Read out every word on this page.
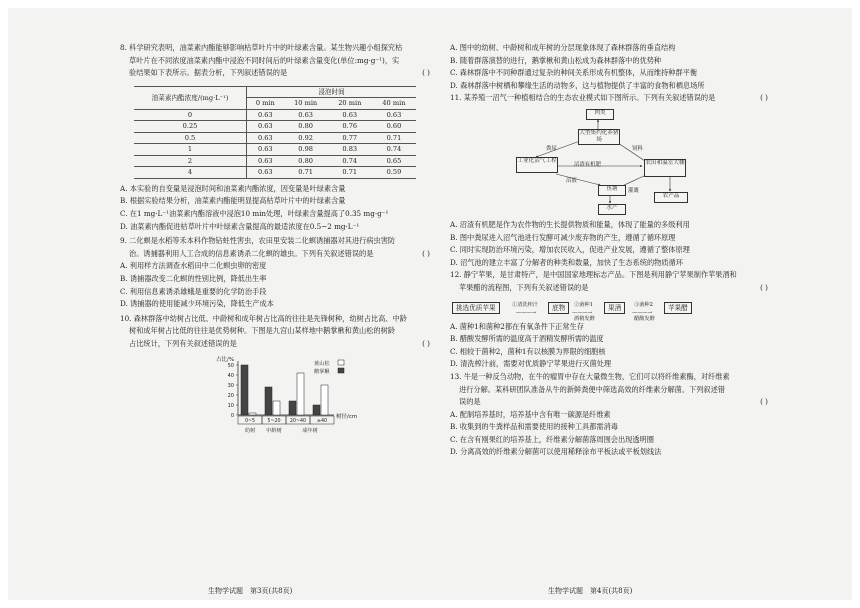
8. 科学研究表明，油菜素内酯能够影响枯草叶片中的叶绿素含量。某生物兴趣小组探究枯

草叶片在不同浓度油菜素内酯中浸泡不同时间后的叶绿素含量变化(单位:mg·g⁻¹)，实

验结果如下表所示。据表分析，下列叙述错误的是	( )

油菜素内酯浓度/(mg·L⁻¹)	浸泡时间			
	0 min	10 min	20 min	40 min
0	0.63	0.63	0.63	0.63
0.25	0.63	0.80	0.76	0.60
0.5	0.63	0.92	0.77	0.71
1	0.63	0.98	0.83	0.74
2	0.63	0.80	0.74	0.65
4	0.63	0.71	0.71	0.59

A. 本实验的自变量是浸泡时间和油菜素内酯浓度，因变量是叶绿素含量

B. 根据实验结果分析，油菜素内酯能明显提高枯草叶片中的叶绿素含量

C. 在1 mg·L⁻¹油菜素内酯溶液中浸泡10 min处理，叶绿素含量提高了0.35 mg·g⁻¹

D. 油菜素内酯促进枯草叶片中叶绿素含量提高的最适浓度在0.5~2 mg·L⁻¹

9. 二化螟是水稻等禾本科作物钻蛀性害虫，农田里安装二化螟诱捕器对其进行病虫害防

治。诱捕器利用人工合成的信息素诱杀二化螟的雄虫。下列有关叙述错误的是	( )

A. 利用样方法调查水稻田中二化螟虫卵的密度

B. 诱捕器改变二化螟的性别比例，降低出生率

C. 利用信息素诱杀雄蛾是重要的化学防治手段

D. 诱捕器的使用能减少环境污染，降低生产成本

10. 森林群落中幼树占比低、中龄树和成年树占比高的往往是先锋树种，幼树占比高、中龄

树和成年树占比低的往往是优势树种。下图是九宫山某样地中鹅掌楸和黄山松的树龄

占比统计，下列有关叙述错误的是	( )

占比/%
树径/cm
0
10
20
30
40
50
0~5	5~20 20~40 ≥40
幼树 中龄树	成年树
黄山松
鹅掌楸

A. 图中的幼树、中龄树和成年树的分层现象体现了森林群落的垂直结构

B. 随着群落演替的进行，鹅掌楸和黄山松成为森林群落中的优势种

C. 森林群落中不同种群通过复杂的种间关系形成有机整体，从而维持种群平衡

D. 森林群落中树栖和攀缘生活的动物多，这与植物提供了丰富的食物和栖息场所

11. 某养殖一沼气一种植相结合的生态农业模式如下图所示。下列有关叙述错误的是	( )

肉类
大型集约化养猪场
工业化沼气工程	农田和温室大棚
鱼塘
水产
农产品
粪尿	饲料
沼渣有机肥
沼液
灌溉

A. 沼渣有机肥是作为农作物的生长提供物质和能量，体现了能量的多级利用

B. 图中粪尿进入沼气池进行发酵可减少废弃物的产生，遵循了循环原理

C. 同时实现防治环境污染，增加农民收入，促进产业发展，遵循了整体原理

D. 沼气池的建立丰富了分解者的种类和数量，加快了生态系统的物质循环

12. 静宁苹果，是甘肃特产，是中国国家地理标志产品。下图是利用静宁苹果制作苹果酒和

苹果醋的流程图，下列有关叙述错误的是	( )

挑选优质苹果	①清洗榨汁
———→
底物	②菌种1
———→
酒精发酵
果酒	③菌种2
———→
醋酸发酵
苹果醋

A. 菌种1和菌种2都在有氧条件下正常生存

B. 醋酸发酵所需的温度高于酒精发酵所需的温度

C. 相较于菌种2，菌种1有以核膜为界限的细胞核

D. 清洗榨汁前，需要对优质静宁苹果进行灭菌处理

13. 牛是一种反刍动物，在牛的瘤胃中存在大量微生物，它们可以将纤维素酶，对纤维素

进行分解。某科研团队准备从牛的新鲜粪便中筛选高效的纤维素分解菌。下列叙述错

误的是	( )

A. 配制培养基时，培养基中含有唯一碳源是纤维素

B. 收集到的牛粪样品和需要使用的接种工具都需消毒

C. 在含有刚果红的培养基上，纤维素分解菌落周围会出现透明圈

D. 分离高效的纤维素分解菌可以使用稀释涂布平板法或平板划线法

生物学试题　第3页(共8页)	生物学试题　第4页(共8页)
